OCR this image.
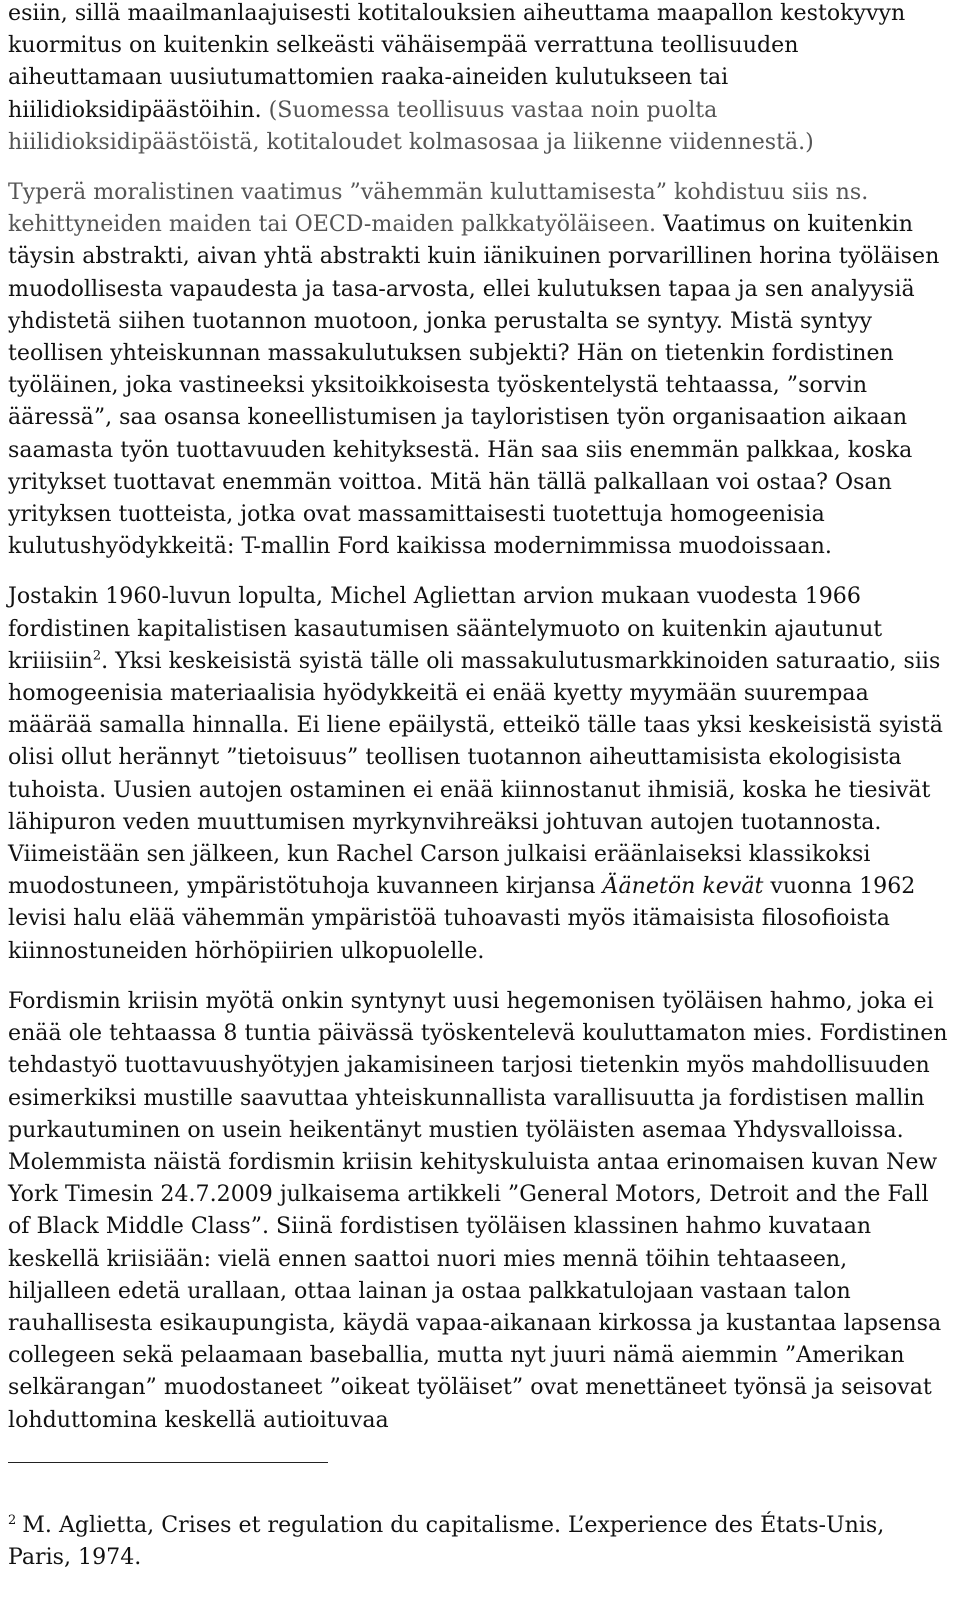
esiin, sillä maailmanlaajuisesti kotitalouksien aiheuttama maapallon kestokyvyn kuormitus on kuitenkin selkeästi vähäisempää verrattuna teollisuuden aiheuttamaan uusiutumattomien raaka-aineiden kulutukseen tai hiilidioksidipäästöihin. (Suomessa teollisuus vastaa noin puolta hiilidioksidipäästöistä, kotitaloudet kolmasosaa ja liikenne viidennestä.)

Typerä moralistinen vaatimus ”vähemmän kuluttamisesta” kohdistuu siis ns. kehittyneiden maiden tai OECD-maiden palkkatyöläiseen. Vaatimus on kuitenkin täysin abstrakti, aivan yhtä abstrakti kuin iänikuinen porvarillinen horina työläisen muodollisesta vapaudesta ja tasa-arvosta, ellei kulutuksen tapaa ja sen analyysiä yhdistetä siihen tuotannon muotoon, jonka perustalta se syntyy. Mistä syntyy teollisen yhteiskunnan massakulutuksen subjekti? Hän on tietenkin fordistinen työläinen, joka vastineeksi yksitoikkoisesta työskentelystä tehtaassa, ”sorvin ääressä”, saa osansa koneellistumisen ja tayloristisen työn organisaation aikaan saamasta työn tuottavuuden kehityksestä. Hän saa siis enemmän palkkaa, koska yritykset tuottavat enemmän voittoa. Mitä hän tällä palkallaan voi ostaa? Osan yrityksen tuotteista, jotka ovat massamittaisesti tuotettuja homogeenisia kulutushyödykkeitä: T-mallin Ford kaikissa modernimmissa muodoissaan.

Jostakin 1960-luvun lopulta, Michel Agliettan arvion mukaan vuodesta 1966 fordistinen kapitalistisen kasautumisen sääntelymuoto on kuitenkin ajautunut kriiisiin$^2$. Yksi keskeisistä syistä tälle oli massakulutusmarkkinoiden saturaatio, siis homogeenisia materiaalisia hyödykkeitä ei enää kyetty myymään suurempaa määrää samalla hinnalla. Ei liene epäilystä, etteikö tälle taas yksi keskeisistä syistä olisi ollut herännyt ”tietoisuus” teollisen tuotannon aiheuttamisista ekologisista tuhoista. Uusien autojen ostaminen ei enää kiinnostanut ihmisiä, koska he tiesivät lähipuron veden muuttumisen myrkynvihreäksi johtuvan autojen tuotannosta. Viimeistään sen jälkeen, kun Rachel Carson julkaisi eräänlaiseksi klassikoksi muodostuneen, ympäristötuhoja kuvanneen kirjansa Äänetön kevät vuonna 1962 levisi halu elää vähemmän ympäristöä tuhoavasti myös itämaisista filosofioista kiinnostuneiden hörhöpiirien ulkopuolelle.

Fordismin kriisin myötä onkin syntynyt uusi hegemonisen työläisen hahmo, joka ei enää ole tehtaassa 8 tuntia päivässä työskentelevä kouluttamaton mies. Fordistinen tehdastyö tuottavuushyötyjen jakamisineen tarjosi tietenkin myös mahdollisuuden esimerkiksi mustille saavuttaa yhteiskunnallista varallisuutta ja fordistisen mallin purkautuminen on usein heikentänyt mustien työläisten asemaa Yhdysvalloissa. Molemmista näistä fordismin kriisin kehityskuluista antaa erinomaisen kuvan New York Timesin 24.7.2009 julkaisema artikkeli ”General Motors, Detroit and the Fall of Black Middle Class”. Siinä fordistisen työläisen klassinen hahmo kuvataan keskellä kriisiään: vielä ennen saattoi nuori mies mennä töihin tehtaaseen, hiljalleen edetä urallaan, ottaa lainan ja ostaa palkkatulojaan vastaan talon rauhallisesta esikaupungista, käydä vapaa-aikanaan kirkossa ja kustantaa lapsensa collegeen sekä pelaamaan baseballia, mutta nyt juuri nämä aiemmin ”Amerikan selkärangan” muodostaneet ”oikeat työläiset” ovat menettäneet työnsä ja seisovat lohduttomina keskellä autioituvaa

$^2$ M. Aglietta, Crises et regulation du capitalisme. L’experience des États-Unis, Paris, 1974.
